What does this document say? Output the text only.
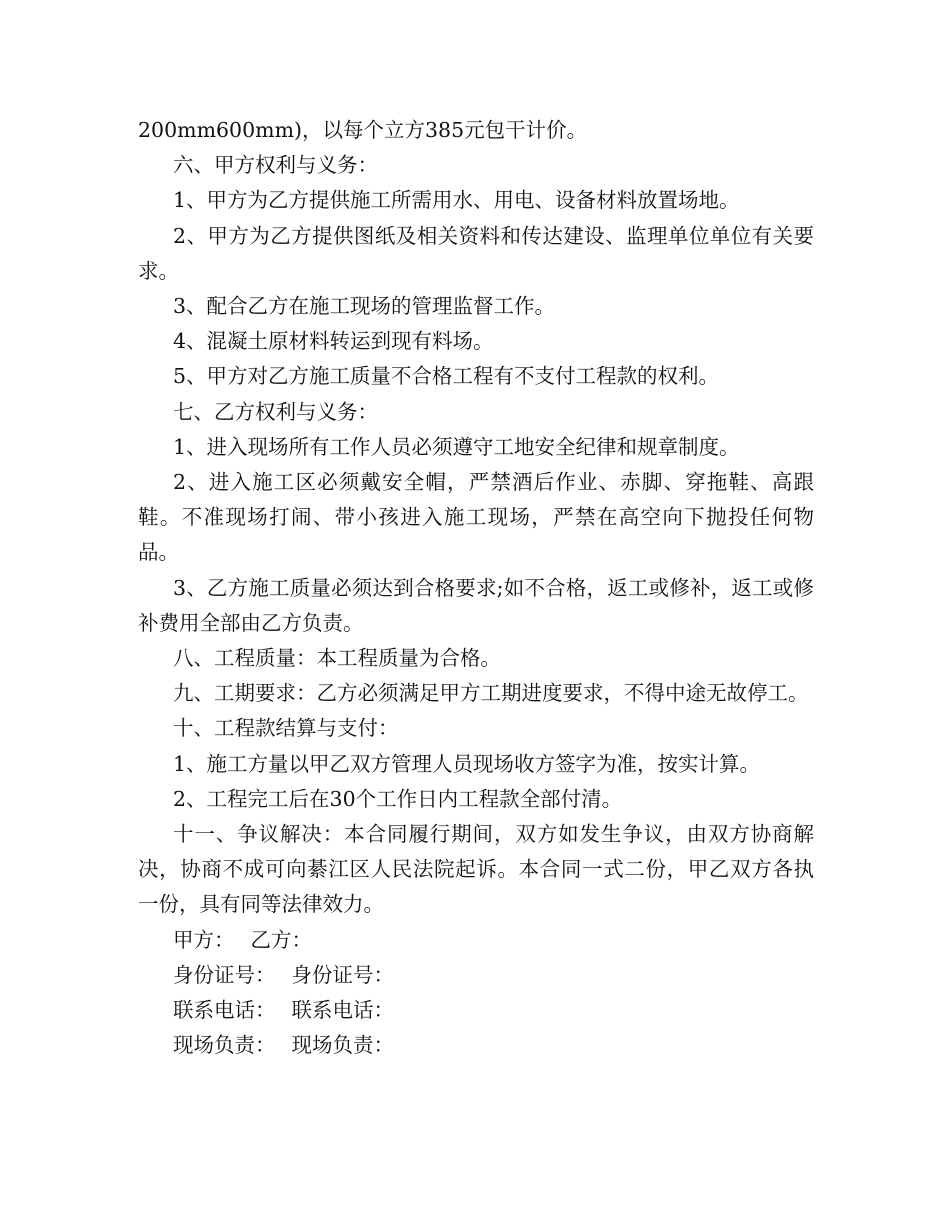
200mm600mm)，以每个立方385元包干计价。

六、甲方权利与义务：

1、甲方为乙方提供施工所需用水、用电、设备材料放置场地。

2、甲方为乙方提供图纸及相关资料和传达建设、监理单位单位有关要求。

3、配合乙方在施工现场的管理监督工作。

4、混凝土原材料转运到现有料场。

5、甲方对乙方施工质量不合格工程有不支付工程款的权利。

七、乙方权利与义务：

1、进入现场所有工作人员必须遵守工地安全纪律和规章制度。

2、进入施工区必须戴安全帽，严禁酒后作业、赤脚、穿拖鞋、高跟鞋。不准现场打闹、带小孩进入施工现场，严禁在高空向下抛投任何物品。

3、乙方施工质量必须达到合格要求;如不合格，返工或修补，返工或修补费用全部由乙方负责。

八、工程质量：本工程质量为合格。

九、工期要求：乙方必须满足甲方工期进度要求，不得中途无故停工。

十、工程款结算与支付：

1、施工方量以甲乙双方管理人员现场收方签字为准，按实计算。

2、工程完工后在30个工作日内工程款全部付清。

十一、争议解决：本合同履行期间，双方如发生争议，由双方协商解决，协商不成可向綦江区人民法院起诉。本合同一式二份，甲乙双方各执一份，具有同等法律效力。

甲方： 乙方：
身份证号： 身份证号：
联系电话： 联系电话：
现场负责： 现场负责：
